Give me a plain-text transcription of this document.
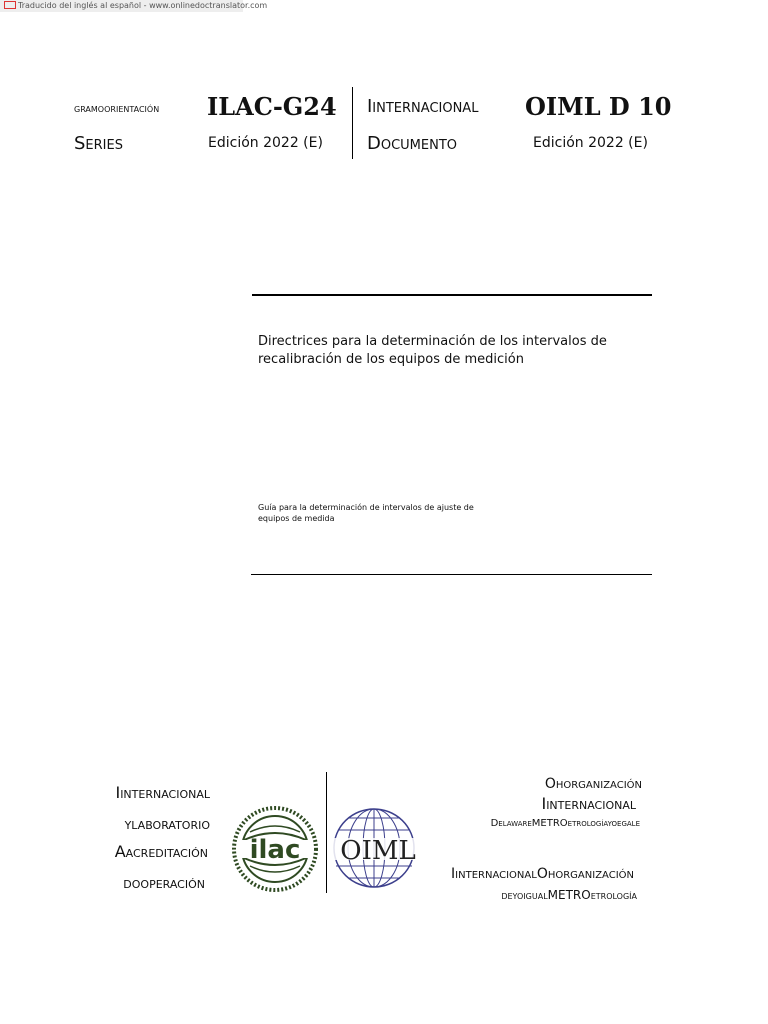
Traducido del inglés al español - www.onlinedoctranslator.com
gramoorientación
Series
ILAC-G24
Edición 2022 (E)
Iinternacional
Documento
OIML D 10
Edición 2022 (E)
Directrices para la determinación de los intervalos de
recalibración de los equipos de medición
Guía para la determinación de intervalos de ajuste de
equipos de medida
Iinternacional
ylaboratorio
Aacreditación
dooperación
ilac OIML
Ohorganización
Iinternacional
DelawareMETROetrologíayoegale
IinternacionalOhorganización
deyoigualMETROetrología
